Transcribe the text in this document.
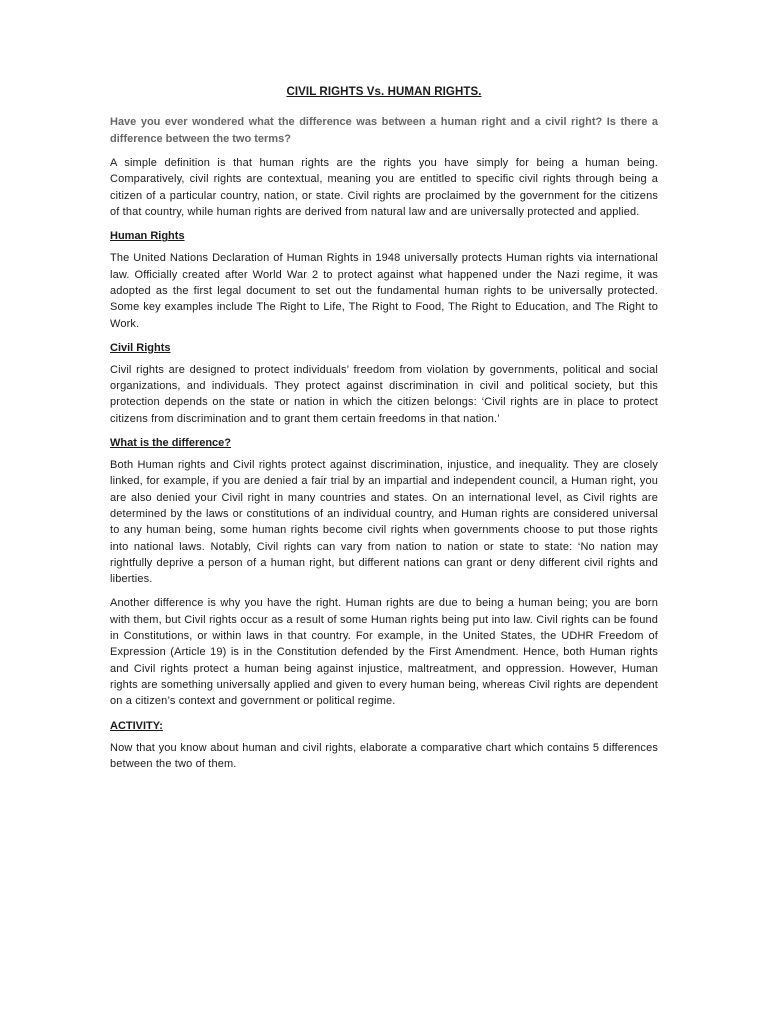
CIVIL RIGHTS Vs. HUMAN RIGHTS.

Have you ever wondered what the difference was between a human right and a civil right? Is there a difference between the two terms?

A simple definition is that human rights are the rights you have simply for being a human being. Comparatively, civil rights are contextual, meaning you are entitled to specific civil rights through being a citizen of a particular country, nation, or state. Civil rights are proclaimed by the government for the citizens of that country, while human rights are derived from natural law and are universally protected and applied.

Human Rights

The United Nations Declaration of Human Rights in 1948 universally protects Human rights via international law. Officially created after World War 2 to protect against what happened under the Nazi regime, it was adopted as the first legal document to set out the fundamental human rights to be universally protected. Some key examples include The Right to Life, The Right to Food, The Right to Education, and The Right to Work.

Civil Rights

Civil rights are designed to protect individuals’ freedom from violation by governments, political and social organizations, and individuals. They protect against discrimination in civil and political society, but this protection depends on the state or nation in which the citizen belongs: ‘Civil rights are in place to protect citizens from discrimination and to grant them certain freedoms in that nation.’

What is the difference?

Both Human rights and Civil rights protect against discrimination, injustice, and inequality. They are closely linked, for example, if you are denied a fair trial by an impartial and independent council, a Human right, you are also denied your Civil right in many countries and states. On an international level, as Civil rights are determined by the laws or constitutions of an individual country, and Human rights are considered universal to any human being, some human rights become civil rights when governments choose to put those rights into national laws. Notably, Civil rights can vary from nation to nation or state to state: ‘No nation may rightfully deprive a person of a human right, but different nations can grant or deny different civil rights and liberties.

Another difference is why you have the right. Human rights are due to being a human being; you are born with them, but Civil rights occur as a result of some Human rights being put into law. Civil rights can be found in Constitutions, or within laws in that country. For example, in the United States, the UDHR Freedom of Expression (Article 19) is in the Constitution defended by the First Amendment. Hence, both Human rights and Civil rights protect a human being against injustice, maltreatment, and oppression. However, Human rights are something universally applied and given to every human being, whereas Civil rights are dependent on a citizen’s context and government or political regime.

ACTIVITY:

Now that you know about human and civil rights, elaborate a comparative chart which contains 5 differences between the two of them.
